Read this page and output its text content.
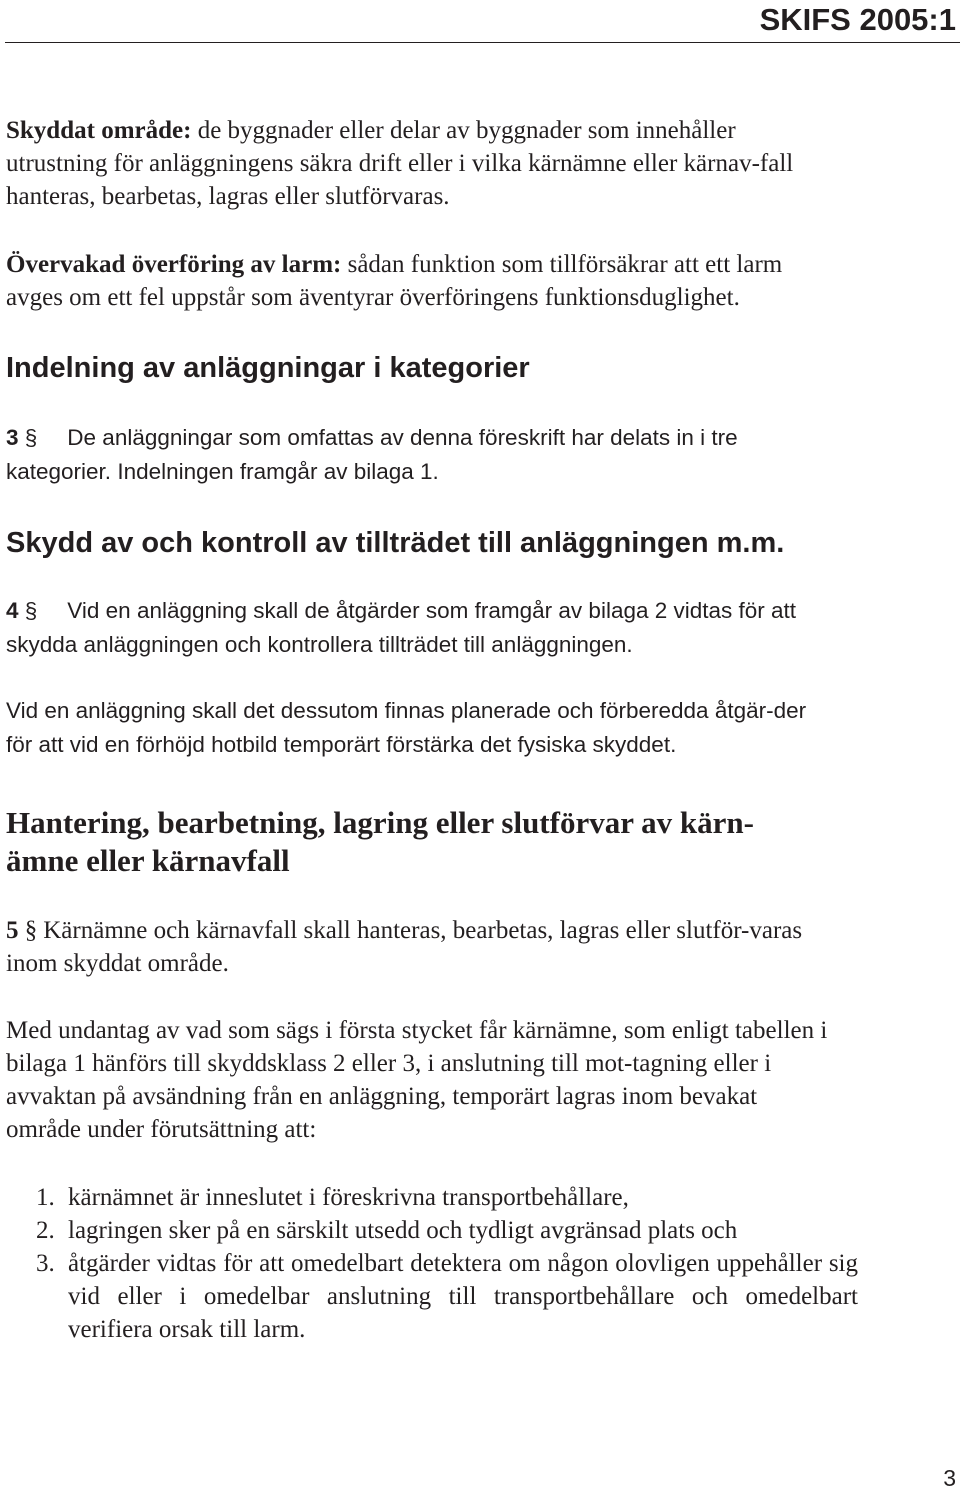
SKIFS 2005:1

Skyddat område: de byggnader eller delar av byggnader som innehåller utrustning för anläggningens säkra drift eller i vilka kärnämne eller kärnav-fall hanteras, bearbetas, lagras eller slutförvaras.

Övervakad överföring av larm: sådan funktion som tillförsäkrar att ett larm avges om ett fel uppstår som äventyrar överföringens funktionsduglighet.

Indelning av anläggningar i kategorier

3 § De anläggningar som omfattas av denna föreskrift har delats in i tre kategorier. Indelningen framgår av bilaga 1.

Skydd av och kontroll av tillträdet till anläggningen m.m.

4 § Vid en anläggning skall de åtgärder som framgår av bilaga 2 vidtas för att skydda anläggningen och kontrollera tillträdet till anläggningen.

Vid en anläggning skall det dessutom finnas planerade och förberedda åtgär-der för att vid en förhöjd hotbild temporärt förstärka det fysiska skyddet.

Hantering, bearbetning, lagring eller slutförvar av kärn-
ämne eller kärnavfall

5 § Kärnämne och kärnavfall skall hanteras, bearbetas, lagras eller slutför-varas inom skyddat område.

Med undantag av vad som sägs i första stycket får kärnämne, som enligt tabellen i bilaga 1 hänförs till skyddsklass 2 eller 3, i anslutning till mot-tagning eller i avvaktan på avsändning från en anläggning, temporärt lagras inom bevakat område under förutsättning att:

1. kärnämnet är inneslutet i föreskrivna transportbehållare,
2. lagringen sker på en särskilt utsedd och tydligt avgränsad plats och
3. åtgärder vidtas för att omedelbart detektera om någon olovligen uppehåller sig vid eller i omedelbar anslutning till transportbehållare och omedelbart verifiera orsak till larm.

3
